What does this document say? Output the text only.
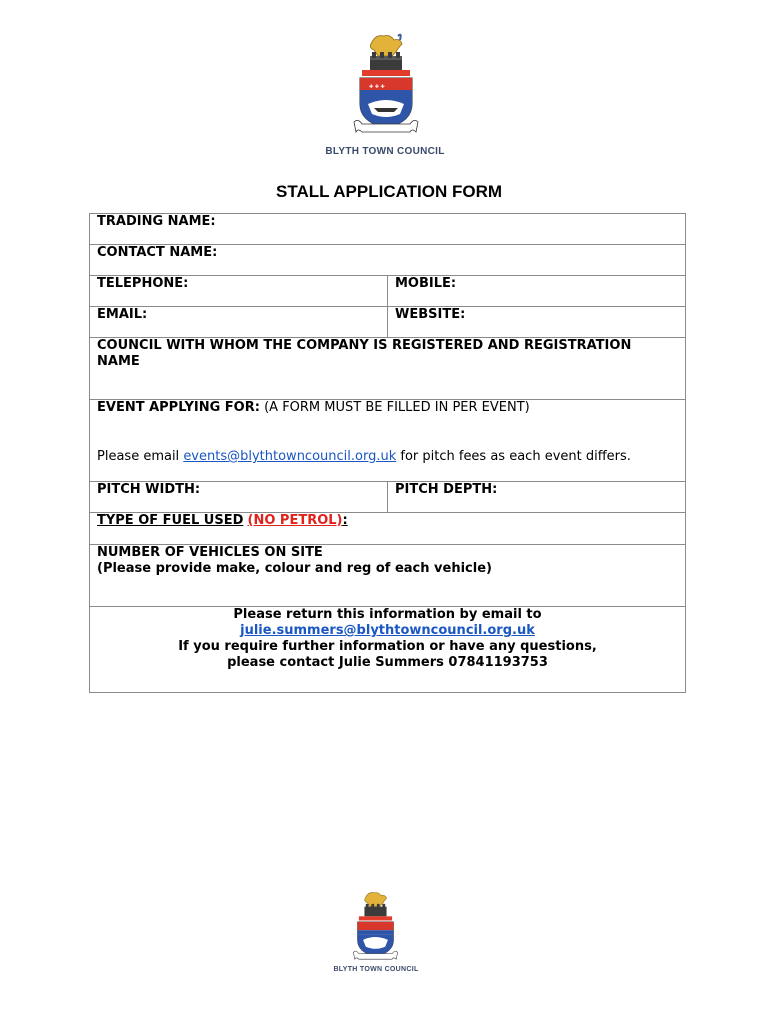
✚ ✚ ✚
BLYTH TOWN COUNCIL
STALL APPLICATION FORM
TRADING NAME:	
CONTACT NAME:	
TELEPHONE:	MOBILE:
EMAIL:	WEBSITE:
COUNCIL WITH WHOM THE COMPANY IS REGISTERED AND REGISTRATION NAME	
EVENT APPLYING FOR: (A FORM MUST BE FILLED IN PER EVENT)
Please email events@blythtowncouncil.org.uk for pitch fees as each event differs.	

PITCH WIDTH:	PITCH DEPTH:
TYPE OF FUEL USED (NO PETROL):	

NUMBER OF VEHICLES ON SITE
(Please provide make, colour and reg of each vehicle)	

Please return this information by email to
julie.summers@blythtowncouncil.org.uk
If you require further information or have any questions,
please contact Julie Summers 07841193753	
BLYTH TOWN COUNCIL
